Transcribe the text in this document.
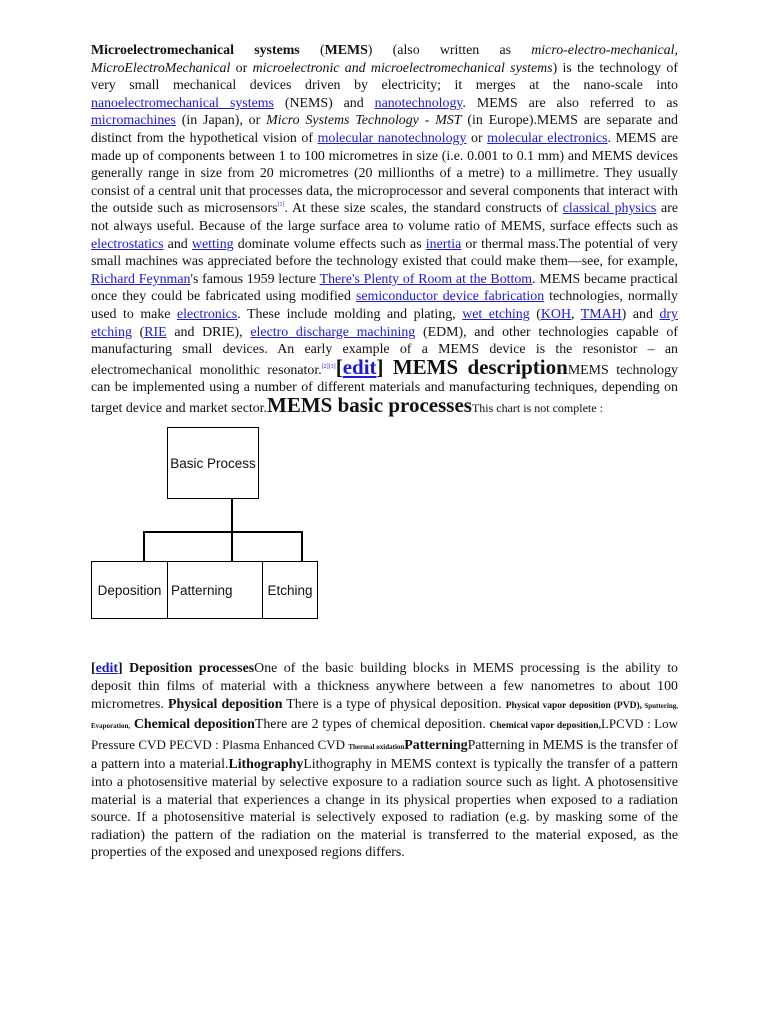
Microelectromechanical systems (MEMS) (also written as micro-electro-mechanical, MicroElectroMechanical or microelectronic and microelectromechanical systems) is the technology of very small mechanical devices driven by electricity; it merges at the nano-scale into nanoelectromechanical systems (NEMS) and nanotechnology. MEMS are also referred to as micromachines (in Japan), or Micro Systems Technology - MST (in Europe).MEMS are separate and distinct from the hypothetical vision of molecular nanotechnology or molecular electronics. MEMS are made up of components between 1 to 100 micrometres in size (i.e. 0.001 to 0.1 mm) and MEMS devices generally range in size from 20 micrometres (20 millionths of a metre) to a millimetre. They usually consist of a central unit that processes data, the microprocessor and several components that interact with the outside such as microsensors[1]. At these size scales, the standard constructs of classical physics are not always useful. Because of the large surface area to volume ratio of MEMS, surface effects such as electrostatics and wetting dominate volume effects such as inertia or thermal mass.The potential of very small machines was appreciated before the technology existed that could make them—see, for example, Richard Feynman's famous 1959 lecture There's Plenty of Room at the Bottom. MEMS became practical once they could be fabricated using modified semiconductor device fabrication technologies, normally used to make electronics. These include molding and plating, wet etching (KOH, TMAH) and dry etching (RIE and DRIE), electro discharge machining (EDM), and other technologies capable of manufacturing small devices. An early example of a MEMS device is the resonistor – an electromechanical monolithic resonator.[2][3][edit] MEMS descriptionMEMS technology can be implemented using a number of different materials and manufacturing techniques, depending on target device and market sector.MEMS basic processesThis chart is not complete :

Basic Process
Deposition Patterning	Etching

[edit] Deposition processesOne of the basic building blocks in MEMS processing is the ability to deposit thin films of material with a thickness anywhere between a few nanometres to about 100 micrometres. Physical deposition There is a type of physical deposition. Physical vapor deposition (PVD), Sputtering, Evaporation, Chemical depositionThere are 2 types of chemical deposition. Chemical vapor deposition,LPCVD : Low Pressure CVD PECVD : Plasma Enhanced CVD Thermal oxidationPatterningPatterning in MEMS is the transfer of a pattern into a material.LithographyLithography in MEMS context is typically the transfer of a pattern into a photosensitive material by selective exposure to a radiation source such as light. A photosensitive material is a material that experiences a change in its physical properties when exposed to a radiation source. If a photosensitive material is selectively exposed to radiation (e.g. by masking some of the radiation) the pattern of the radiation on the material is transferred to the material exposed, as the properties of the exposed and unexposed regions differs.
